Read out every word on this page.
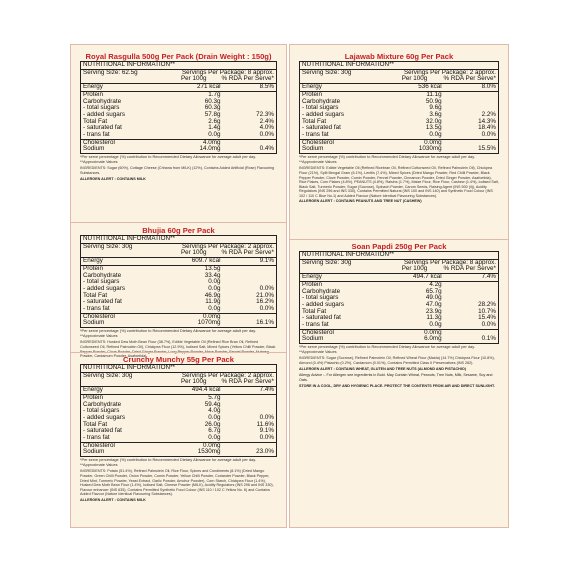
Royal Rasgulla 500g Per Pack (Drain Weight : 150g)
NUTRITIONAL INFORMATION**
Serving Size: 62.5g	Servings Per Package: 8 approx.
Per 100g	% RDA Per Serve*
Energy	271 kcal	8.5%
Protein	1.7g
Carbohydrate	60.3g
- total sugars	60.3g
- added sugars	57.8g	72.3%
Total Fat	2.6g	2.4%
- saturated fat	1.4g	4.0%
- trans fat	0.0g	0.0%
Cholesterol	4.0mg
Sodium	14.0mg	0.4%
*Per serve percentage (%) contribution to Recommended Dietary Allowance for average adult per day. **Approximate Values
INGREDIENTS: Sugar (60%), Cottage Cheese (Chhana from MILK) (12%), Contains Added Artificial (Rose) Flavouring Substances.
ALLERGEN ALERT : CONTAINS MILK
Bhujia 60g Per Pack
NUTRITIONAL INFORMATION**
Serving Size: 30g	Servings Per Package: 2 approx.
Per 100g	% RDA Per Serve*
Energy	609.7 kcal	9.1%
Protein	13.5g
Carbohydrate	33.4g
- total sugars	0.0g
- added sugars	0.0g	0.0%
Total Fat	46.9g	21.0%
- saturated fat	11.9g	16.2%
- trans fat	0.0g	0.0%
Cholesterol	0.0mg
Sodium	1070mg	16.1%
*Per serve percentage (%) contribution to Recommended Dietary Allowance for average adult per day. **Approximate Values
INGREDIENTS: Husked Dew Moth Bean Flour (38.7%), Edible Vegetable Oil (Refined Rice Bran Oil, Refined Cottonseed Oil, Refined Palmolein Oil), Chickpea Flour (12.9%), Iodised Salt, Mixed Spices (Yellow Chilli Powder, Black Powder, Cardamom Powder, Asafoetida).
Crunchy Munchy 55g Per Pack
NUTRITIONAL INFORMATION**
Serving Size: 30g	Servings Per Package: 2 approx.
Per 100g	% RDA Per Serve*
Energy	494.4 kcal	7.4%
Protein	5.7g
Carbohydrate	59.4g
- total sugars	4.0g
- added sugars	0.0g	0.0%
Total Fat	26.0g	11.6%
- saturated fat	6.7g	9.1%
- trans fat	0.0g	0.0%
Cholesterol	0.0mg
Sodium	1530mg	23.0%
*Per serve percentage (%) contribution to Recommended Dietary Allowance for average adult per day. **Approximate Values
INGREDIENTS: Potato (51.4%), Refined Palmolein Oil, Rice Flour, Spices and Condiments (8.1%) (Dried Mango Powder, Green Chilli Powder, Onion Powder, Cumin Powder, Yellow Chilli Powder, Coriander Powder, Black Pepper, Dried Mint, Turmeric Powder, Yeast Extract, Garlic Powder, Amchur Powder), Corn Starch, Chickpea Flour (1.4%), Husked Dew Moth Bean Flour (1.4%), Iodised Salt, Cheese Powder (MILK), Acidity Regulators (INS 296 and INS 330), Flavour enhancer (INS 635), Contains Permitted Synthetic Food Colour (INS 110 / 102 C Yellow No. 6) and Contains Added Flavour (Nature Identical Flavouring Substances).
ALLERGEN ALERT : CONTAINS MILK
Lajawab Mixture 60g Per Pack
NUTRITIONAL INFORMATION**
Serving Size: 30g	Servings Per Package: 2 approx.
Per 100g	% RDA Per Serve*
Energy	536 kcal	8.0%
Protein	11.1g
Carbohydrate	50.9g
- total sugars	9.6g
- added sugars	3.6g	2.2%
Total Fat	32.0g	14.3%
- saturated fat	13.5g	18.4%
- trans fat	0.0g	0.0%
Cholesterol	0.0mg
Sodium	1030mg	15.5%
*Per serve percentage (%) contribution to Recommended Dietary Allowance for average adult per day. **Approximate Values
INGREDIENTS: Edible Vegetable Oil (Refined Ricebran Oil, Refined Cottonseed Oil, Refined Palmolein Oil), Chickpea Flour (21%), Split Bengal Gram (6.1%), Lentils (7.4%), Mixed Spices (Dried Mango Powder, Red Chilli Powder, Black Pepper Powder, Clove Powder, Cumin Powder, Fennel Powder, Cinnamon Powder, Dried Ginger Powder, Asafoetida), Rice Flakes, Corn Flakes (4.8%), PEANUTS (4.8%), Raisins (1.7%), Maize Flour, Rice Flour, Cashew (1.4%), Iodised Salt, Black Salt, Turmeric Powder, Sugar (Sucrose), Spinach Powder, Carom Seeds, Raising Agent (INS 500 (ii)), Acidity Regulators (INS 296 and INS 330), Contains Permitted Natural (INS 100 and INS 140) and Synthetic Food Colour (INS 102 / 110 C Blue No.1) and Added Flavour (Nature Identical Flavouring Substances).
ALLERGEN ALERT : CONTAINS PEANUTS AND TREE NUT (CASHEW)
Soan Papdi 250g Per Pack
NUTRITIONAL INFORMATION**
Serving Size: 30g	Servings Per Package: 8 approx.
Per 100g	% RDA Per Serve*
Energy	494.7 kcal	7.4%
Protein	4.2g
Carbohydrate	65.7g
- total sugars	49.0g
- added sugars	47.0g	28.2%
Total Fat	23.9g	10.7%
- saturated fat	11.3g	15.4%
- trans fat	0.0g	0.0%
Cholesterol	0.0mg
Sodium	6.0mg	0.1%
*Per serve percentage (%) contribution to Recommended Dietary Allowance for average adult per day. **Approximate Values
INGREDIENTS: Sugar (Sucrose), Refined Palmolein Oil, Refined Wheat Flour (Maida) (14.7%) Chickpea Flour (10.8%), Almond (0.4%) Pistachio (0.2%), Cardamom (0.01%), Contains Permitted Class II Preservatives (INS 282).
ALLERGEN ALERT : CONTAINS WHEAT, GLUTEN AND TREE NUTS (ALMOND AND PISTACHIO)
Allergy Advice :- For Allergen see ingredients in Bold. May Contain Wheat, Peanuts, Tree Nuts, Milk, Sesame, Soy and Oats.
STORE IN A COOL, DRY AND HYGIENIC PLACE. PROTECT THE CONTENTS FROM AIR AND DIRECT SUNLIGHT.
